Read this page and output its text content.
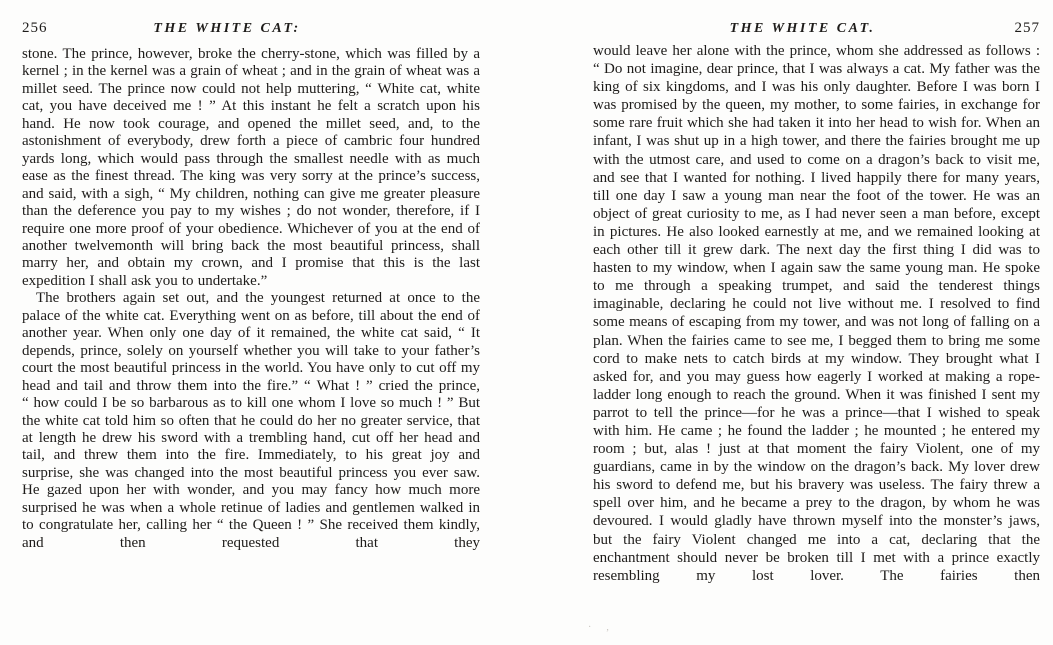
256	THE WHITE CAT:

stone. The prince, however, broke the cherry-stone, which was filled by a kernel ; in the kernel was a grain of wheat ; and in the grain of wheat was a millet seed. The prince now could not help muttering, “ White cat, white cat, you have deceived me ! ” At this instant he felt a scratch upon his hand. He now took courage, and opened the millet seed, and, to the astonishment of everybody, drew forth a piece of cambric four hundred yards long, which would pass through the smallest needle with as much ease as the finest thread. The king was very sorry at the prince’s success, and said, with a sigh, “ My children, nothing can give me greater pleasure than the deference you pay to my wishes ; do not wonder, therefore, if I require one more proof of your obedience. Whichever of you at the end of another twelvemonth will bring back the most beautiful princess, shall marry her, and obtain my crown, and I promise that this is the last expedition I shall ask you to undertake.”

The brothers again set out, and the youngest returned at once to the palace of the white cat. Everything went on as before, till about the end of another year. When only one day of it remained, the white cat said, “ It depends, prince, solely on yourself whether you will take to your father’s court the most beautiful princess in the world. You have only to cut off my head and tail and throw them into the fire.” “ What ! ” cried the prince, “ how could I be so barbarous as to kill one whom I love so much ! ” But the white cat told him so often that he could do her no greater service, that at length he drew his sword with a trembling hand, cut off her head and tail, and threw them into the fire. Immediately, to his great joy and surprise, she was changed into the most beautiful princess you ever saw. He gazed upon her with wonder, and you may fancy how much more surprised he was when a whole retinue of ladies and gentlemen walked in to congratulate her, calling her “ the Queen ! ” She received them kindly, and then requested that they

THE WHITE CAT.	257

would leave her alone with the prince, whom she addressed as follows : “ Do not imagine, dear prince, that I was always a cat. My father was the king of six kingdoms, and I was his only daughter. Before I was born I was promised by the queen, my mother, to some fairies, in exchange for some rare fruit which she had taken it into her head to wish for. When an infant, I was shut up in a high tower, and there the fairies brought me up with the utmost care, and used to come on a dragon’s back to visit me, and see that I wanted for nothing. I lived happily there for many years, till one day I saw a young man near the foot of the tower. He was an object of great curiosity to me, as I had never seen a man before, except in pictures. He also looked earnestly at me, and we remained looking at each other till it grew dark. The next day the first thing I did was to hasten to my window, when I again saw the same young man. He spoke to me through a speaking trumpet, and said the tenderest things imaginable, declaring he could not live without me. I resolved to find some means of escaping from my tower, and was not long of falling on a plan. When the fairies came to see me, I begged them to bring me some cord to make nets to catch birds at my window. They brought what I asked for, and you may guess how eagerly I worked at making a rope-ladder long enough to reach the ground. When it was finished I sent my parrot to tell the prince—for he was a prince—that I wished to speak with him. He came ; he found the ladder ; he mounted ; he entered my room ; but, alas ! just at that moment the fairy Violent, one of my guardians, came in by the window on the dragon’s back. My lover drew his sword to defend me, but his bravery was useless. The fairy threw a spell over him, and he became a prey to the dragon, by whom he was devoured. I would gladly have thrown myself into the monster’s jaws, but the fairy Violent changed me into a cat, declaring that the enchantment should never be broken till I met with a prince exactly resembling my lost lover. The fairies then

· ‚
